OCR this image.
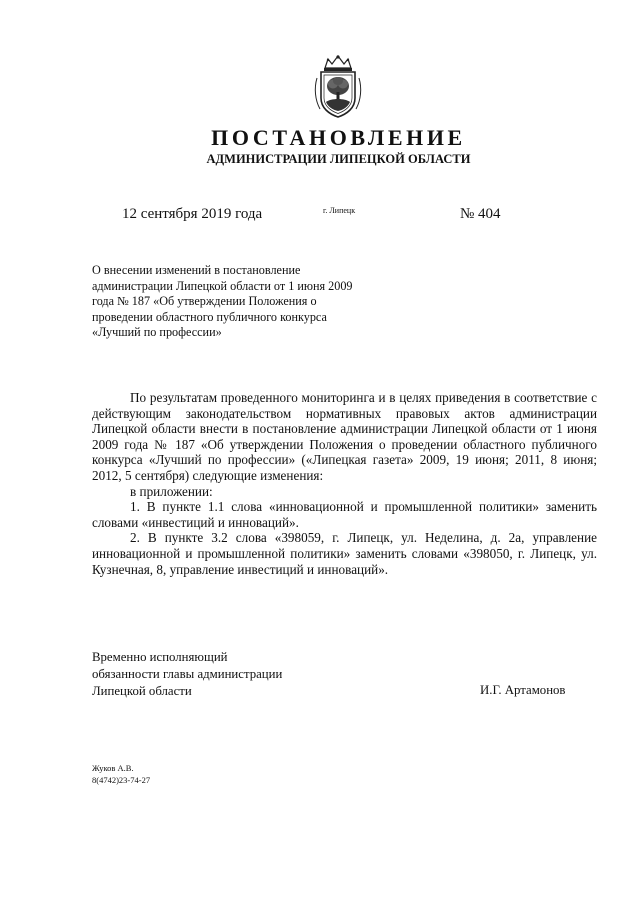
ПОСТАНОВЛЕНИЕ
АДМИНИСТРАЦИИ ЛИПЕЦКОЙ ОБЛАСТИ
12 сентября 2019 года	г. Липецк	№ 404
О внесении изменений в постановление администрации Липецкой области от 1 июня 2009 года № 187 «Об утверждении Положения о проведении областного публичного конкурса «Лучший по профессии»

По результатам проведенного мониторинга и в целях приведения в соответствие с действующим законодательством нормативных правовых актов администрации Липецкой области внести в постановление администрации Липецкой области от 1 июня 2009 года № 187 «Об утверждении Положения о проведении областного публичного конкурса «Лучший по профессии» («Липецкая газета» 2009, 19 июня; 2011, 8 июня; 2012, 5 сентября) следующие изменения:

в приложении:

1. В пункте 1.1 слова «инновационной и промышленной политики» заменить словами «инвестиций и инноваций».

2. В пункте 3.2 слова «398059, г. Липецк, ул. Неделина, д. 2а, управление инновационной и промышленной политики» заменить словами «398050, г. Липецк, ул. Кузнечная, 8, управление инвестиций и инноваций».

Временно исполняющий
обязанности главы администрации
Липецкой области	И.Г. Артамонов
Жуков А.В.
8(4742)23-74-27
